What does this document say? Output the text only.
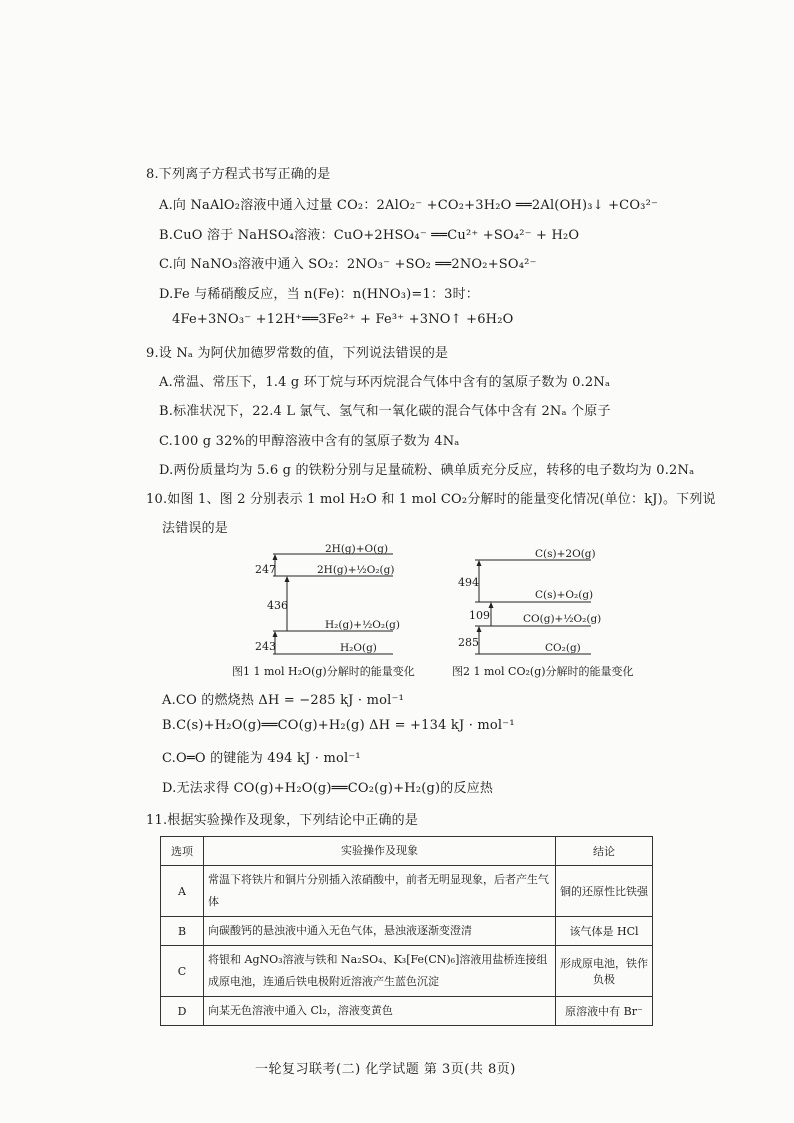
8.下列离子方程式书写正确的是
A.向 NaAlO₂溶液中通入过量 CO₂：2AlO₂⁻ +CO₂+3H₂O ══2Al(OH)₃↓ +CO₃²⁻
B.CuO 溶于 NaHSO₄溶液：CuO+2HSO₄⁻ ══Cu²⁺ +SO₄²⁻ + H₂O
C.向 NaNO₃溶液中通入 SO₂：2NO₃⁻ +SO₂ ══2NO₂+SO₄²⁻
D.Fe 与稀硝酸反应，当 n(Fe)：n(HNO₃)=1：3时：
4Fe+3NO₃⁻ +12H⁺══3Fe²⁺ + Fe³⁺ +3NO↑ +6H₂O
9.设 Nₐ 为阿伏加德罗常数的值，下列说法错误的是
A.常温、常压下，1.4 g 环丁烷与环丙烷混合气体中含有的氢原子数为 0.2Nₐ
B.标准状况下，22.4 L 氯气、氢气和一氧化碳的混合气体中含有 2Nₐ 个原子
C.100 g 32%的甲醇溶液中含有的氢原子数为 4Nₐ
D.两份质量均为 5.6 g 的铁粉分别与足量硫粉、碘单质充分反应，转移的电子数均为 0.2Nₐ
10.如图 1、图 2 分别表示 1 mol H₂O 和 1 mol CO₂分解时的能量变化情况(单位：kJ)。下列说
法错误的是
2H(g)+O(g)
2H(g)+½O₂(g)
H₂(g)+½O₂(g)
H₂O(g)
247
436
243
图1 1 mol H₂O(g)分解时的能量变化
C(s)+2O(g)
C(s)+O₂(g)
CO(g)+½O₂(g)
CO₂(g)
494
109
285
图2 1 mol CO₂(g)分解时的能量变化
A.CO 的燃烧热 ΔH = −285 kJ · mol⁻¹
B.C(s)+H₂O(g)══CO(g)+H₂(g) ΔH = +134 kJ · mol⁻¹
C.O═O 的键能为 494 kJ · mol⁻¹
D.无法求得 CO(g)+H₂O(g)══CO₂(g)+H₂(g)的反应热
11.根据实验操作及现象，下列结论中正确的是
选项	实验操作及现象	结论
A	常温下将铁片和铜片分别插入浓硝酸中，前者无明显现象，后者产生气体	铜的还原性比铁强
B	向碳酸钙的悬浊液中通入无色气体，悬浊液逐渐变澄清	该气体是 HCl
C	将银和 AgNO₃溶液与铁和 Na₂SO₄、K₃[Fe(CN)₆]溶液用盐桥连接组成原电池，连通后铁电极附近溶液产生蓝色沉淀	形成原电池，铁作负极
D	向某无色溶液中通入 Cl₂，溶液变黄色	原溶液中有 Br⁻
一轮复习联考(二) 化学试题 第 3页(共 8页)
